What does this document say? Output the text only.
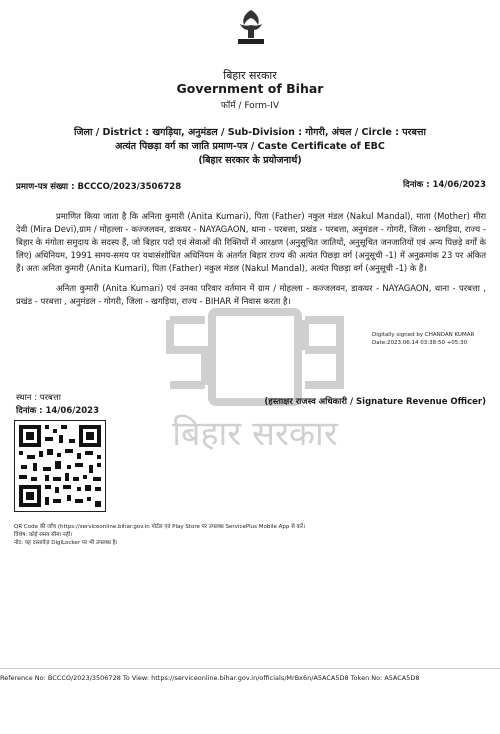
बिहार सरकार
Government of Bihar
फॉर्म / Form-IV
जिला / District : खगड़िया, अनुमंडल / Sub-Division : गोगरी, अंचल / Circle : परबत्ता
अत्यंत पिछड़ा वर्ग का जाति प्रमाण-पत्र / Caste Certificate of EBC
(बिहार सरकार के प्रयोजनार्थ)
प्रमाण-पत्र संख्या : BCCCO/2023/3506728	दिनांक : 14/06/2023
बिहार सरकार
प्रमाणित किया जाता है कि अनिता कुमारी (Anita Kumari), पिता (Father) नकुल मंडल (Nakul Mandal), माता (Mother) मीरा देवी (Mira Devi),ग्राम / मोहल्ला - कज्जलवन, डाकघर - NAYAGAON, थाना - परबत्ता, प्रखंड - परबत्ता, अनुमंडल - गोगरी, जिला - खगड़िया, राज्य - बिहार के मंगोता समुदाय के सदस्य हैं, जो बिहार पदों एवं सेवाओं की रिक्तियों में आरक्षण (अनुसूचित जातियों, अनुसूचित जनजातियों एवं अन्य पिछड़े वर्गों के लिए) अधिनियम, 1991 समय-समय पर यथासंशोधित अधिनियम के अंतर्गत बिहार राज्य की अत्यंत पिछड़ा वर्ग (अनुसूची -1) में अनुक्रमांक 23 पर अंकित हैं। अतः अनिता कुमारी (Anita Kumari), पिता (Father) नकुल मंडल (Nakul Mandal), अत्यंत पिछड़ा वर्ग (अनुसूची -1) के हैं।
अनिता कुमारी (Anita Kumari) एवं उनका परिवार वर्तमान में ग्राम / मोहल्ला - कज्जलवन, डाकघर - NAYAGAON, थाना - परबत्ता , प्रखंड - परबत्ता , अनुमंडल - गोगरी, जिला - खगड़िया, राज्य - BIHAR में निवास करता है।
Digitally signed by CHANDAN KUMAR
Date:2023.06.14 03:38:50 +05:30
स्थान : परबत्ता
दिनांक : 14/06/2023
(हस्ताक्षर राजस्व अधिकारी / Signature Revenue Officer)
QR Code की जाँच (https://serviceonline.bihar.gov.in पोर्टल एवं Play Store पर उपलब्ध ServicePlus Mobile App से करें।
विशेष: कोई समय सीमा नहीं।
नोट: यह दस्तावेज़ DigiLocker पर भी उपलब्ध है।
Reference No: BCCCO/2023/3506728 To View: https://serviceonline.bihar.gov.in/officials/MrBx6n/A5ACA5D8 Token No: A5ACA5D8
